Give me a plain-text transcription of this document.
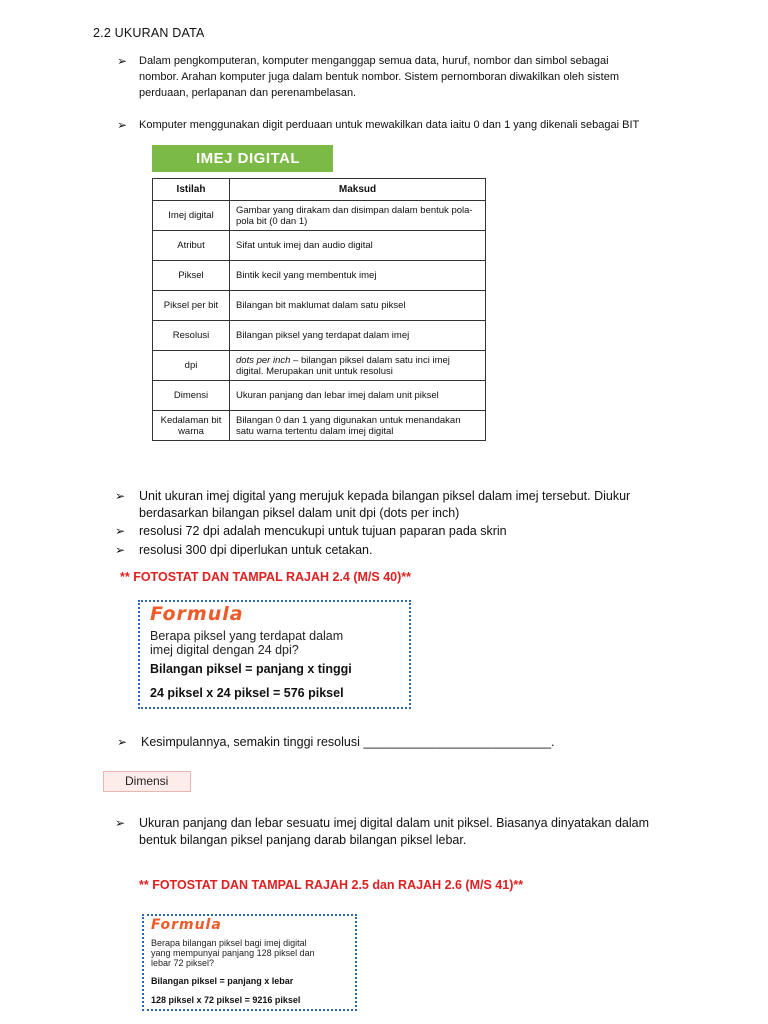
2.2 UKURAN DATA
➢	Dalam pengkomputeran, komputer menganggap semua data, huruf, nombor dan simbol sebagai
nombor. Arahan komputer juga dalam bentuk nombor. Sistem pernomboran diwakilkan oleh sistem
perduaan, perlapanan dan perenambelasan.
➢	Komputer menggunakan digit perduaan untuk mewakilkan data iaitu 0 dan 1 yang dikenali sebagai BIT
IMEJ DIGITAL
Istilah	Maksud
Imej digital	Gambar yang dirakam dan disimpan dalam bentuk pola-pola bit (0 dan 1)
Atribut	Sifat untuk imej dan audio digital
Piksel	Bintik kecil yang membentuk imej
Piksel per bit	Bilangan bit maklumat dalam satu piksel
Resolusi	Bilangan piksel yang terdapat dalam imej
dpi	dots per inch – bilangan piksel dalam satu inci imej digital. Merupakan unit untuk resolusi
Dimensi	Ukuran panjang dan lebar imej dalam unit piksel
Kedalaman bit warna	Bilangan 0 dan 1 yang digunakan untuk menandakan satu warna tertentu dalam imej digital
➢	Unit ukuran imej digital yang merujuk kepada bilangan piksel dalam imej tersebut. Diukur
berdasarkan bilangan piksel dalam unit dpi (dots per inch)
➢	resolusi 72 dpi adalah mencukupi untuk tujuan paparan pada skrin
➢	resolusi 300 dpi diperlukan untuk cetakan.
** FOTOSTAT DAN TAMPAL RAJAH 2.4 (M/S 40)**
Formula
Berapa piksel yang terdapat dalam
imej digital dengan 24 dpi?
Bilangan piksel = panjang x tinggi
24 piksel x 24 piksel = 576 piksel
➢	Kesimpulannya, semakin tinggi resolusi ___________________________.
Dimensi
➢	Ukuran panjang dan lebar sesuatu imej digital dalam unit piksel. Biasanya dinyatakan dalam
bentuk bilangan piksel panjang darab bilangan piksel lebar.
** FOTOSTAT DAN TAMPAL RAJAH 2.5 dan RAJAH 2.6 (M/S 41)**
Formula
Berapa bilangan piksel bagi imej digital
yang mempunyai panjang 128 piksel dan
lebar 72 piksel?
Bilangan piksel = panjang x lebar
128 piksel x 72 piksel = 9216 piksel
